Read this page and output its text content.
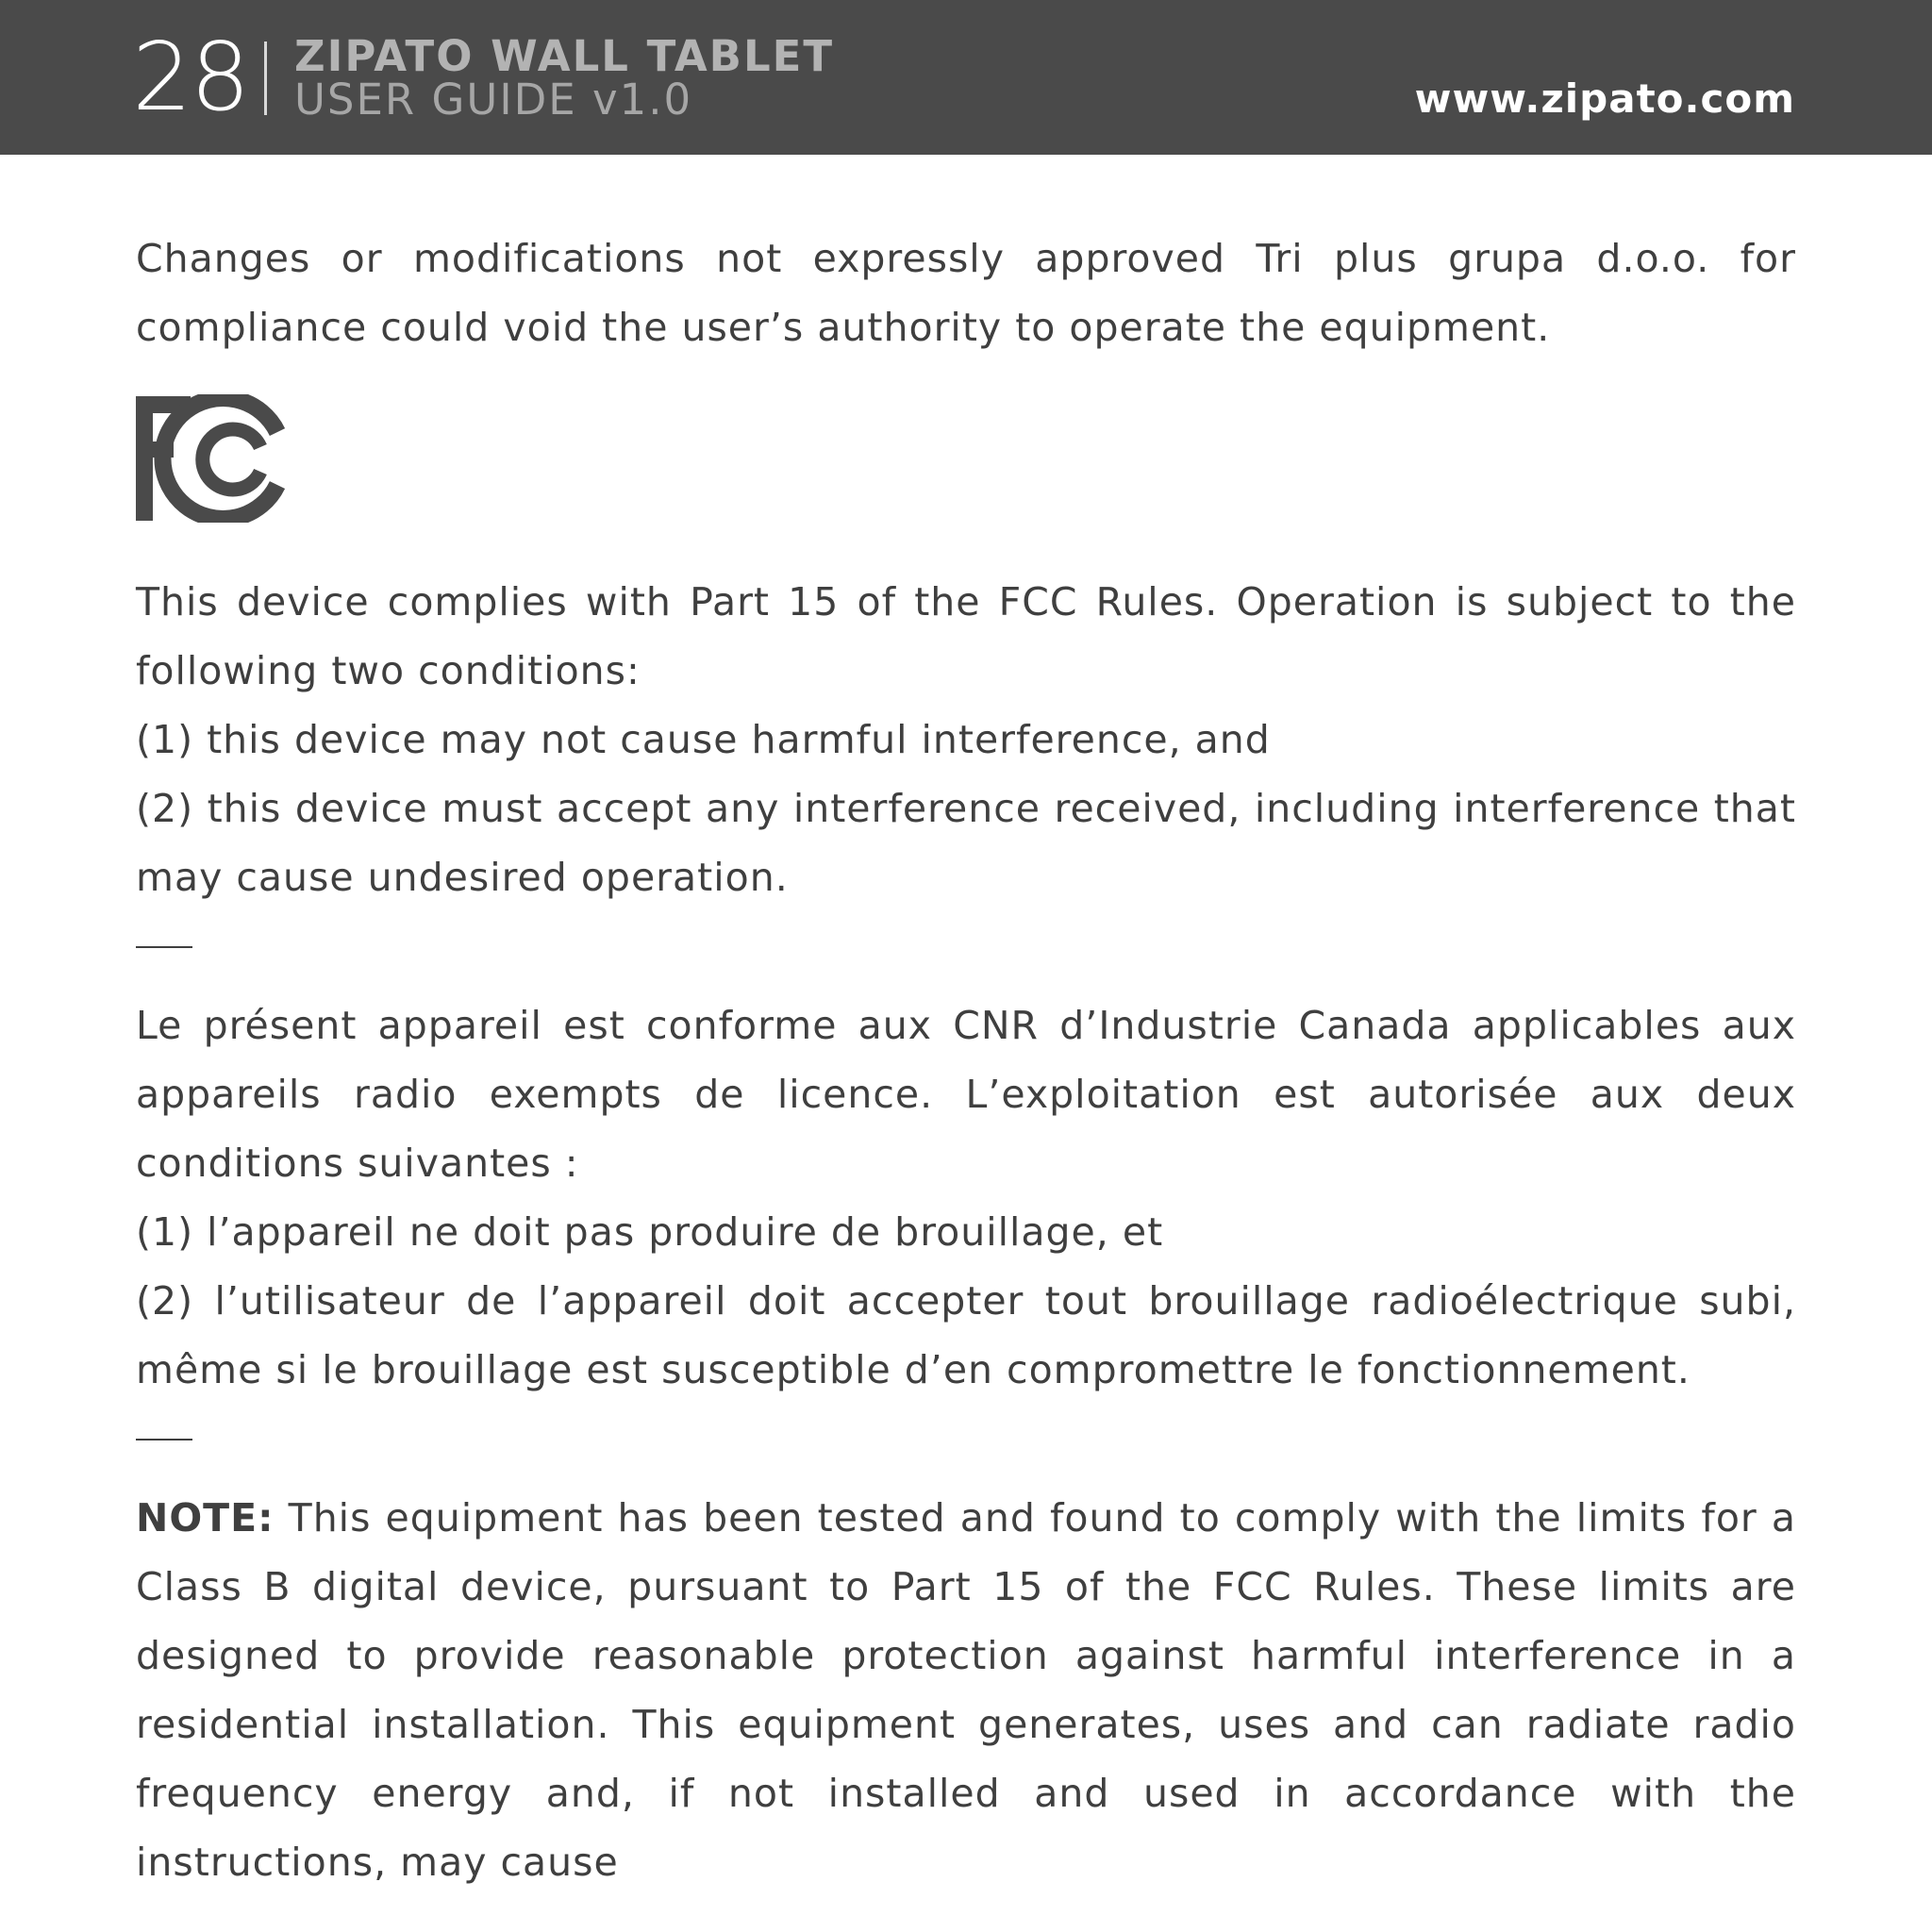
28 ZIPATO WALL TABLET
USER GUIDE v1.0	www.zipato.com

Changes or modifications not expressly approved Tri plus grupa d.o.o. for compliance could void the user’s authority to operate the equipment.

This device complies with Part 15 of the FCC Rules. Operation is subject to the following two conditions:

(1) this device may not cause harmful interference, and

(2) this device must accept any interference received, including interference that may cause undesired operation.

Le présent appareil est conforme aux CNR d’Industrie Canada applicables aux appareils radio exempts de licence. L’exploitation est autorisée aux deux conditions suivantes :

(1) l’appareil ne doit pas produire de brouillage, et

(2) l’utilisateur de l’appareil doit accepter tout brouillage radioélectrique subi, même si le brouillage est susceptible d’en compromettre le fonctionnement.

NOTE: This equipment has been tested and found to comply with the limits for a Class B digital device, pursuant to Part 15 of the FCC Rules. These limits are designed to provide reasonable protection against harmful interference in a residential installation. This equipment generates, uses and can radiate radio frequency energy and, if not installed and used in accordance with the instructions, may cause
